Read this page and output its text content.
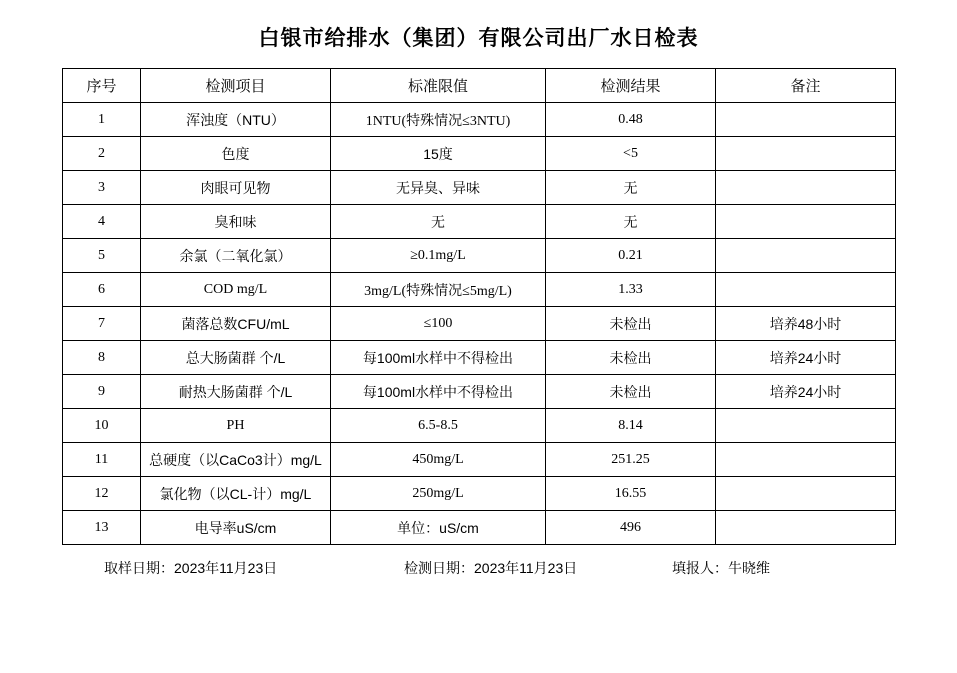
白银市给排水（集团）有限公司出厂水日检表
序号	检测项目	标准限值	检测结果	备注
1	浑浊度（NTU）	1NTU(特殊情况≤3NTU)	0.48	
2	色度	15度	<5	
3	肉眼可见物	无异臭、异味	无	
4	臭和味	无	无	
5	余氯（二氧化氯）	≥0.1mg/L	0.21	
6	COD mg/L	3mg/L(特殊情况≤5mg/L)	1.33	
7	菌落总数CFU/mL	≤100	未检出	培养48小时
8	总大肠菌群 个/L	每100ml水样中不得检出	未检出	培养24小时
9	耐热大肠菌群 个/L	每100ml水样中不得检出	未检出	培养24小时
10	PH	6.5-8.5	8.14	
11	总硬度（以CaCo3计）mg/L	450mg/L	251.25	
12	氯化物（以CL-计）mg/L	250mg/L	16.55	
13	电导率uS/cm	单位：uS/cm	496	
取样日期：2023年11月23日	检测日期：2023年11月23日	填报人：牛晓维
